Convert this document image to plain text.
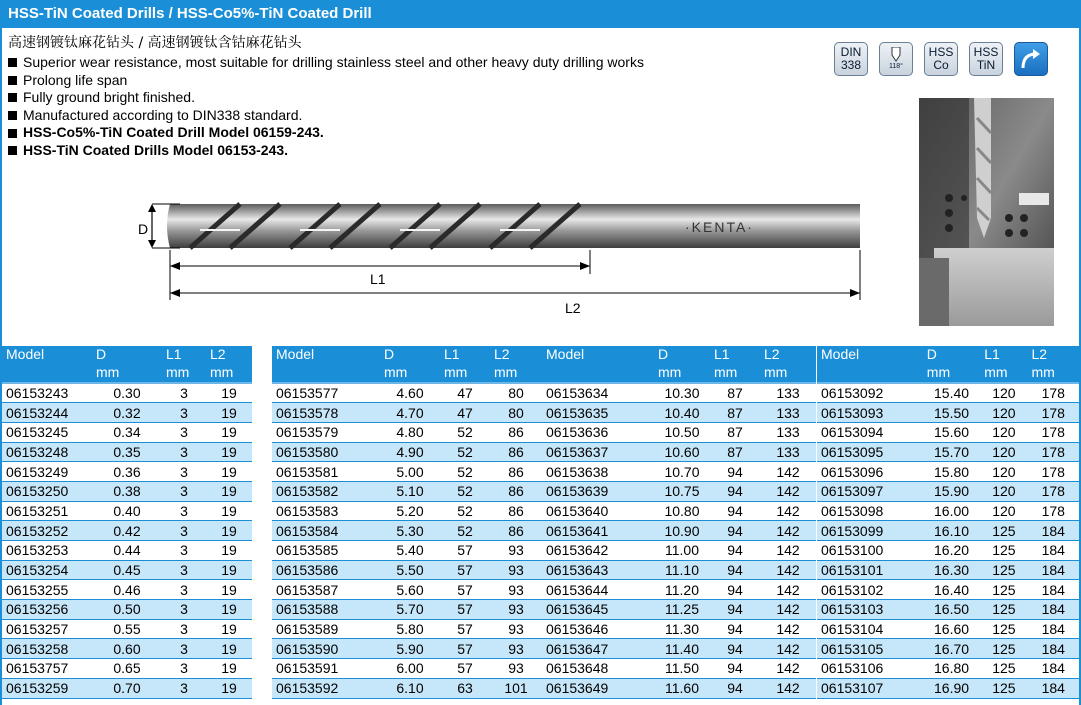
HSS-TiN Coated Drills / HSS-Co5%-TiN Coated Drill
高速钢镀钛麻花钻头 / 高速钢镀钛含钴麻花钻头
Superior wear resistance, most suitable for drilling stainless steel and other heavy duty drilling works
Prolong life span
Fully ground bright finished.
Manufactured according to DIN338 standard.
HSS-Co5%-TiN Coated Drill Model 06159-243.
HSS-TiN Coated Drills Model 06153-243.
DIN
338	118°
HSS
Co
HSS
TiN
·KENTA·
D
L1
L2
Model	D	L1	L2
	mm	mm	mm
06153243	0.30	3	19
06153244	0.32	3	19
06153245	0.34	3	19
06153248	0.35	3	19
06153249	0.36	3	19
06153250	0.38	3	19
06153251	0.40	3	19
06153252	0.42	3	19
06153253	0.44	3	19
06153254	0.45	3	19
06153255	0.46	3	19
06153256	0.50	3	19
06153257	0.55	3	19
06153258	0.60	3	19
06153757	0.65	3	19
06153259	0.70	3	19
Model	D	L1	L2
	mm	mm	mm
06153577	4.60	47	80
06153578	4.70	47	80
06153579	4.80	52	86
06153580	4.90	52	86
06153581	5.00	52	86
06153582	5.10	52	86
06153583	5.20	52	86
06153584	5.30	52	86
06153585	5.40	57	93
06153586	5.50	57	93
06153587	5.60	57	93
06153588	5.70	57	93
06153589	5.80	57	93
06153590	5.90	57	93
06153591	6.00	57	93
06153592	6.10	63	101
Model	D	L1	L2
	mm	mm	mm
06153634	10.30	87	133
06153635	10.40	87	133
06153636	10.50	87	133
06153637	10.60	87	133
06153638	10.70	94	142
06153639	10.75	94	142
06153640	10.80	94	142
06153641	10.90	94	142
06153642	11.00	94	142
06153643	11.10	94	142
06153644	11.20	94	142
06153645	11.25	94	142
06153646	11.30	94	142
06153647	11.40	94	142
06153648	11.50	94	142
06153649	11.60	94	142
Model	D	L1	L2
	mm	mm	mm
06153092	15.40	120	178
06153093	15.50	120	178
06153094	15.60	120	178
06153095	15.70	120	178
06153096	15.80	120	178
06153097	15.90	120	178
06153098	16.00	120	178
06153099	16.10	125	184
06153100	16.20	125	184
06153101	16.30	125	184
06153102	16.40	125	184
06153103	16.50	125	184
06153104	16.60	125	184
06153105	16.70	125	184
06153106	16.80	125	184
06153107	16.90	125	184
